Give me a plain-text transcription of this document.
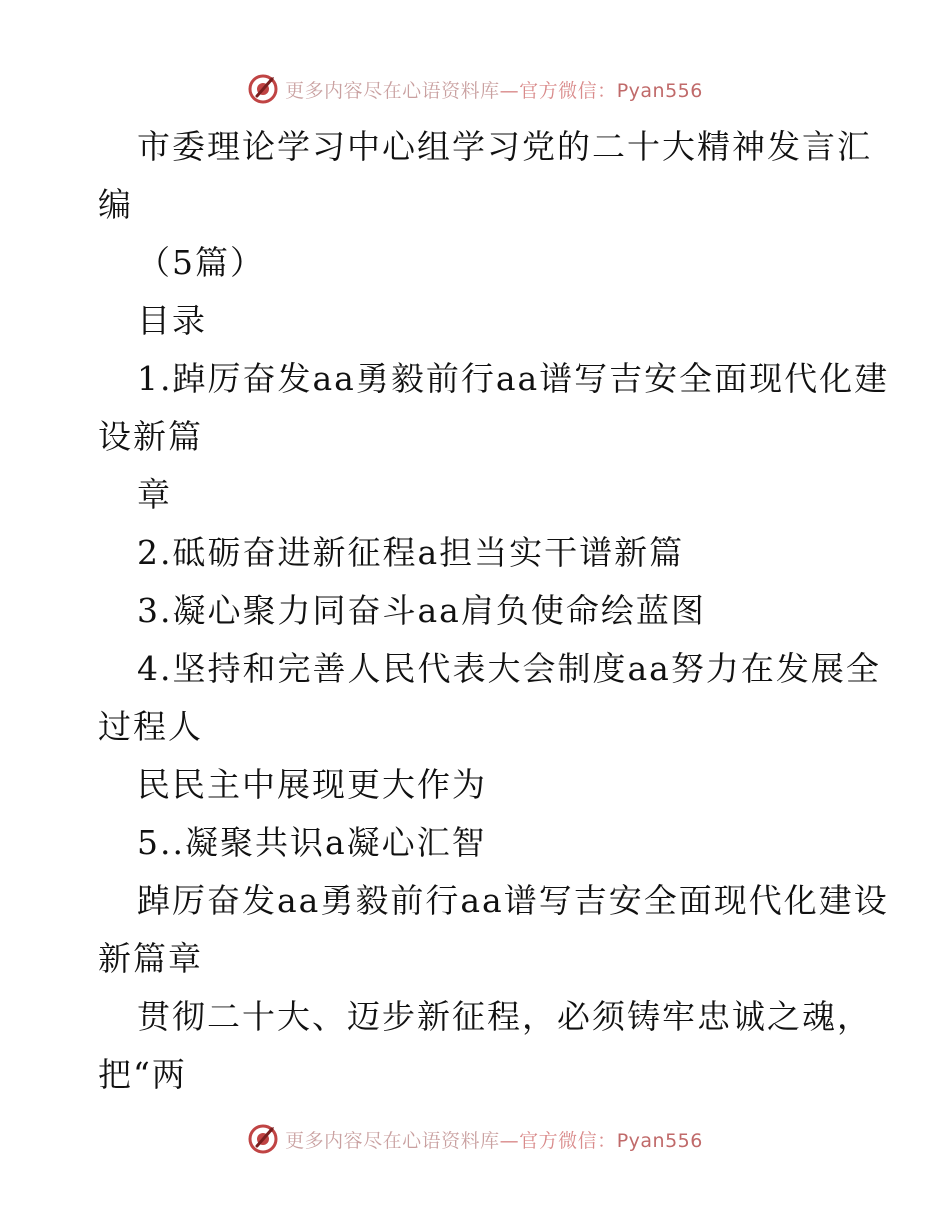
更多内容尽在心语资料库—官方微信：Pyan556
市委理论学习中心组学习党的二十大精神发言汇
编
（5篇）
目录
1.踔厉奋发aa勇毅前行aa谱写吉安全面现代化建
设新篇
章
2.砥砺奋进新征程a担当实干谱新篇
3.凝心聚力同奋斗aa肩负使命绘蓝图
4.坚持和完善人民代表大会制度aa努力在发展全
过程人
民民主中展现更大作为
5..凝聚共识a凝心汇智
踔厉奋发aa勇毅前行aa谱写吉安全面现代化建设
新篇章
贯彻二十大、迈步新征程，必须铸牢忠诚之魂，
把“两
更多内容尽在心语资料库—官方微信：Pyan556
